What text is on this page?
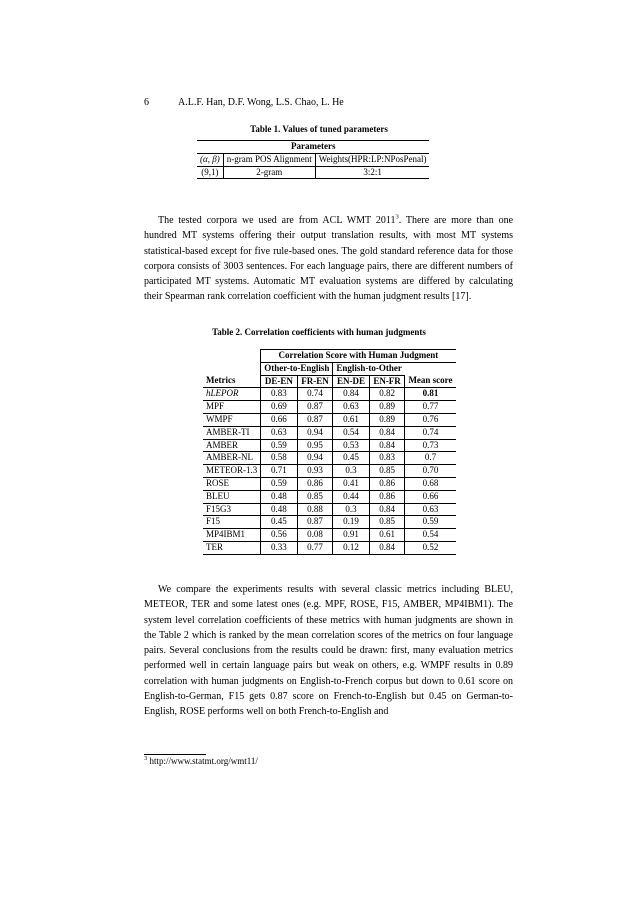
6	A.L.F. Han, D.F. Wong, L.S. Chao, L. He
Table 1. Values of tuned parameters
Parameters		
(α, β)	n-gram POS Alignment	Weights(HPR:LP:NPosPenal)
(9,1)	2-gram	3:2:1

The tested corpora we used are from ACL WMT 2011$^3$. There are more than one hundred MT systems offering their output translation results, with most MT systems statistical-based except for five rule-based ones. The gold standard reference data for those corpora consists of 3003 sentences. For each language pairs, there are different numbers of participated MT systems. Automatic MT evaluation systems are differed by calculating their Spearman rank correlation coefficient with the human judgment results [17].

Table 2. Correlation coefficients with human judgments
	Correlation Score with Human Judgment				
	Other-to-English		English-to-Other		
Metrics	DE-EN	FR-EN	EN-DE	EN-FR	Mean score
hLEPOR	0.83	0.74	0.84	0.82	0.81
MPF	0.69	0.87	0.63	0.89	0.77
WMPF	0.66	0.87	0.61	0.89	0.76
AMBER-TI	0.63	0.94	0.54	0.84	0.74
AMBER	0.59	0.95	0.53	0.84	0.73
AMBER-NL	0.58	0.94	0.45	0.83	0.7
METEOR-1.3	0.71	0.93	0.3	0.85	0.70
ROSE	0.59	0.86	0.41	0.86	0.68
BLEU	0.48	0.85	0.44	0.86	0.66
F15G3	0.48	0.88	0.3	0.84	0.63
F15	0.45	0.87	0.19	0.85	0.59
MP4IBM1	0.56	0.08	0.91	0.61	0.54
TER	0.33	0.77	0.12	0.84	0.52

We compare the experiments results with several classic metrics including BLEU, METEOR, TER and some latest ones (e.g. MPF, ROSE, F15, AMBER, MP4IBM1). The system level correlation coefficients of these metrics with human judgments are shown in the Table 2 which is ranked by the mean correlation scores of the metrics on four language pairs. Several conclusions from the results could be drawn: first, many evaluation metrics performed well in certain language pairs but weak on others, e.g. WMPF results in 0.89 correlation with human judgments on English-to-French corpus but down to 0.61 score on English-to-German, F15 gets 0.87 score on French-to-English but 0.45 on German-to-English, ROSE performs well on both French-to-English and

$^3$ http://www.statmt.org/wmt11/
